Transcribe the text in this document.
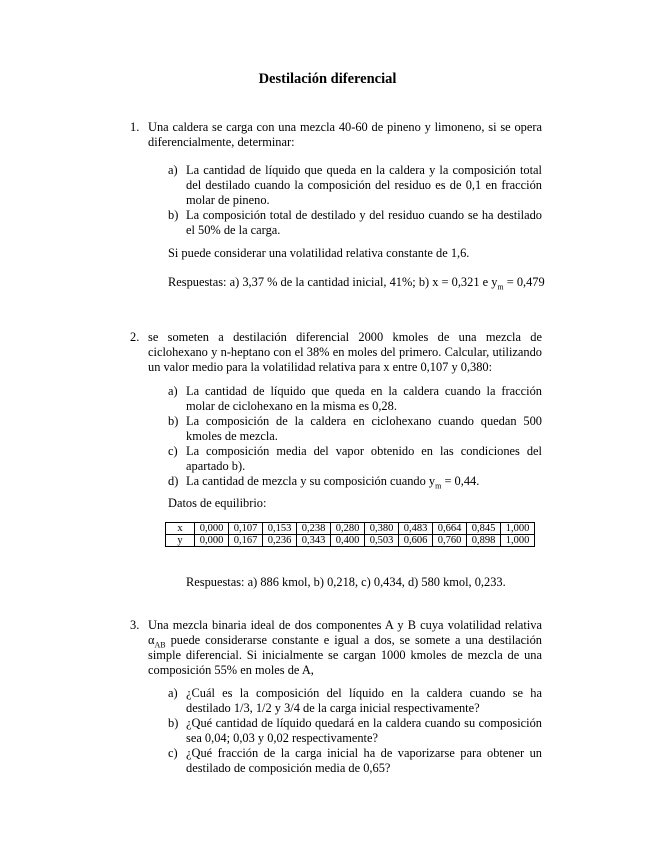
Destilación diferencial
1. Una caldera se carga con una mezcla 40-60 de pineno y limoneno, si se opera diferencialmente, determinar:
a) La cantidad de líquido que queda en la caldera y la composición total del destilado cuando la composición del residuo es de 0,1 en fracción molar de pineno.
b) La composición total de destilado y del residuo cuando se ha destilado el 50% de la carga.
Si puede considerar una volatilidad relativa constante de 1,6.
Respuestas: a) 3,37 % de la cantidad inicial, 41%; b) x = 0,321 e $y_m = 0,479$
2. se someten a destilación diferencial 2000 kmoles de una mezcla de ciclohexano y n-heptano con el 38% en moles del primero. Calcular, utilizando un valor medio para la volatilidad relativa para x entre 0,107 y 0,380:
a) La cantidad de líquido que queda en la caldera cuando la fracción molar de ciclohexano en la misma es 0,28.
b) La composición de la caldera en ciclohexano cuando quedan 500 kmoles de mezcla.
c) La composición media del vapor obtenido en las condiciones del apartado b).
d) La cantidad de mezcla y su composición cuando $y_m = 0,44$.
Datos de equilibrio:
x	0,000	0,107	0,153	0,238	0,280	0,380	0,483	0,664	0,845	1,000
y	0,000	0,167	0,236	0,343	0,400	0,503	0,606	0,760	0,898	1,000
Respuestas: a) 886 kmol, b) 0,218, c) 0,434, d) 580 kmol, 0,233.
3. Una mezcla binaria ideal de dos componentes A y B cuya volatilidad relativa $\alpha_{AB}$ puede considerarse constante e igual a dos, se somete a una destilación simple diferencial. Si inicialmente se cargan 1000 kmoles de mezcla de una composición 55% en moles de A,
a) ¿Cuál es la composición del líquido en la caldera cuando se ha destilado 1/3, 1/2 y 3/4 de la carga inicial respectivamente?
b) ¿Qué cantidad de líquido quedará en la caldera cuando su composición sea 0,04; 0,03 y 0,02 respectivamente?
c) ¿Qué fracción de la carga inicial ha de vaporizarse para obtener un destilado de composición media de 0,65?
